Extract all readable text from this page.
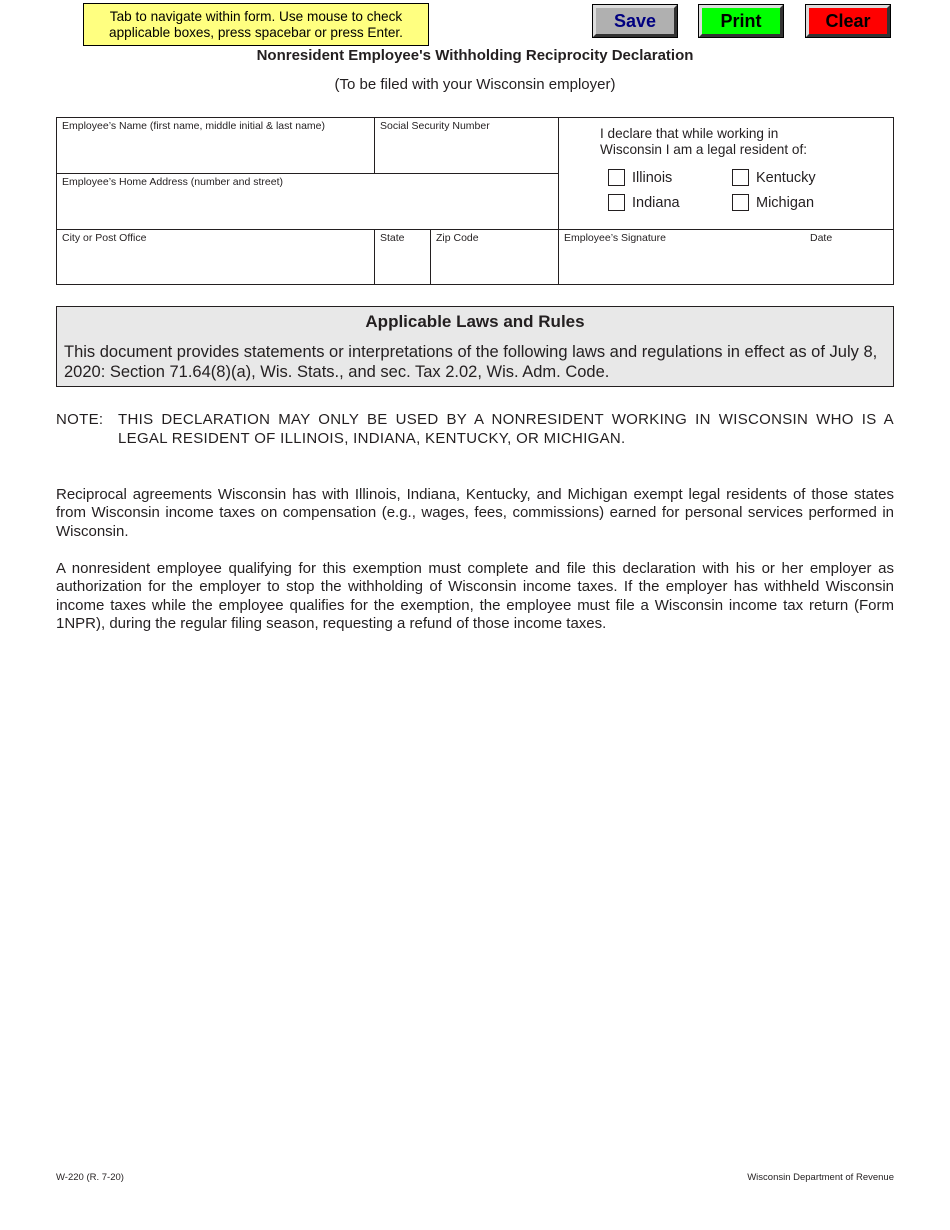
Tab to navigate within form. Use mouse to check applicable boxes, press spacebar or press Enter.
Save	Print	Clear
Nonresident Employee's Withholding Reciprocity Declaration
(To be filed with your Wisconsin employer)
Employee’s Name (first name, middle initial & last name)	Social Security Number
Employee’s Home Address (number and street)
City or Post Office	State	Zip Code	Employee’s Signature	Date
I declare that while working in Wisconsin I am a legal resident of:
Illinois	Kentucky
Indiana	Michigan
Applicable Laws and Rules
This document provides statements or interpretations of the following laws and regulations in effect as of July 8, 2020: Section 71.64(8)(a), Wis. Stats., and sec. Tax 2.02, Wis. Adm. Code.
NOTE: THIS DECLARATION MAY ONLY BE USED BY A NONRESIDENT WORKING IN WISCONSIN WHO IS A LEGAL RESIDENT OF ILLINOIS, INDIANA, KENTUCKY, OR MICHIGAN.
Reciprocal agreements Wisconsin has with Illinois, Indiana, Kentucky, and Michigan exempt legal residents of those states from Wisconsin income taxes on compensation (e.g., wages, fees, commissions) earned for personal services performed in Wisconsin.
A nonresident employee qualifying for this exemption must complete and file this declaration with his or her employer as authorization for the employer to stop the withholding of Wisconsin income taxes. If the employer has withheld Wisconsin income taxes while the employee qualifies for the exemption, the employee must file a Wisconsin income tax return (Form 1NPR), during the regular filing season, requesting a refund of those income taxes.
W-220 (R. 7-20)	Wisconsin Department of Revenue
